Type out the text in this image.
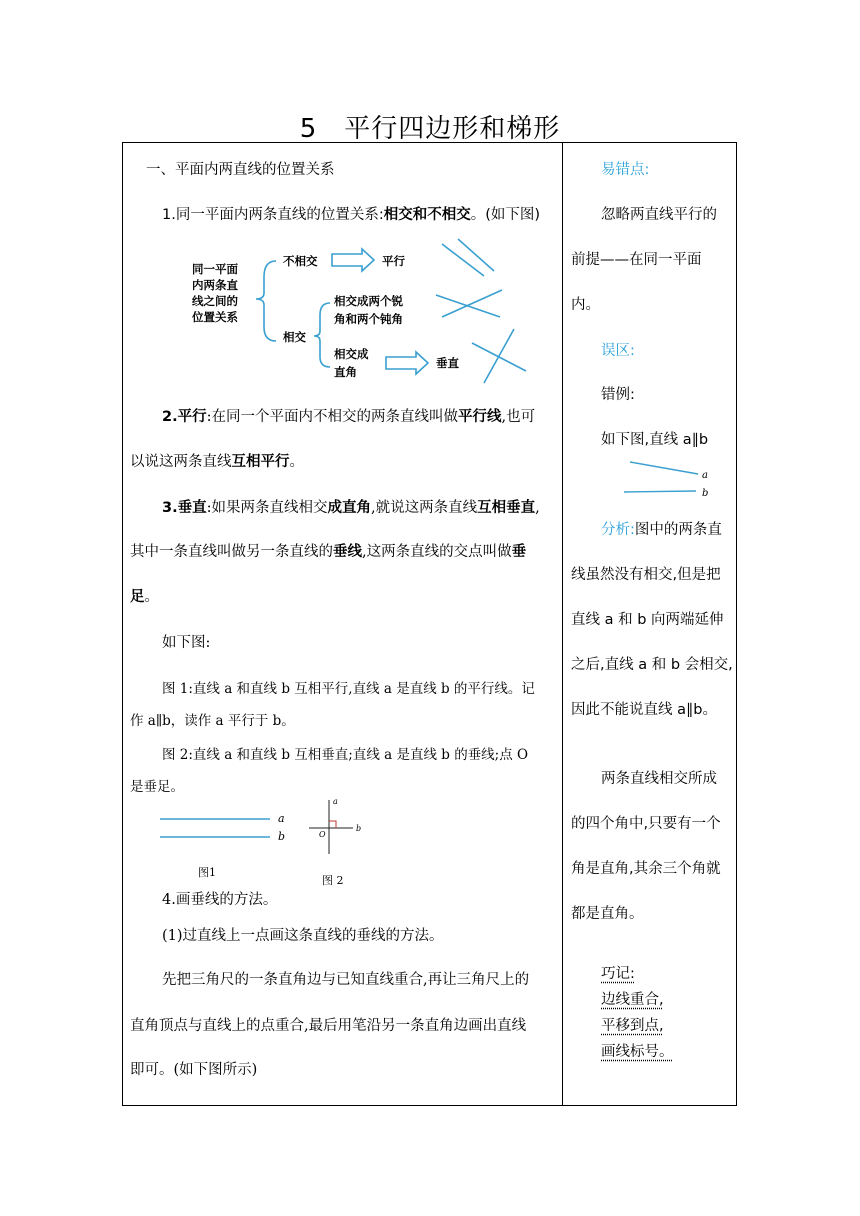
5　平行四边形和梯形
一、平面内两直线的位置关系
1.同一平面内两条直线的位置关系:相交和不相交。(如下图)
同一平面
内两条直
线之间的
位置关系
不相交	平行
相交
相交成两个锐
角和两个钝角
相交成
直角
垂直
2.平行:在同一个平面内不相交的两条直线叫做平行线,也可
以说这两条直线互相平行。
3.垂直:如果两条直线相交成直角,就说这两条直线互相垂直,
其中一条直线叫做另一条直线的垂线,这两条直线的交点叫做垂
足。
如下图:
图 1:直线 a 和直线 b 互相平行,直线 a 是直线 b 的平行线。记
作 a∥b，读作 a 平行于 b。
图 2:直线 a 和直线 b 互相垂直;直线 a 是直线 b 的垂线;点 O
是垂足。
a
b
图1
a
b
O
图 2
4.画垂线的方法。
(1)过直线上一点画这条直线的垂线的方法。
先把三角尺的一条直角边与已知直线重合,再让三角尺上的
直角顶点与直线上的点重合,最后用笔沿另一条直角边画出直线
即可。(如下图所示)
易错点:
忽略两直线平行的
前提——在同一平面
内。
误区:
错例:
如下图,直线 a∥b
a
b
分析:图中的两条直
线虽然没有相交,但是把
直线 a 和 b 向两端延伸
之后,直线 a 和 b 会相交,
因此不能说直线 a∥b。
两条直线相交所成
的四个角中,只要有一个
角是直角,其余三个角就
都是直角。
巧记:
边线重合,
平移到点,
画线标号。
